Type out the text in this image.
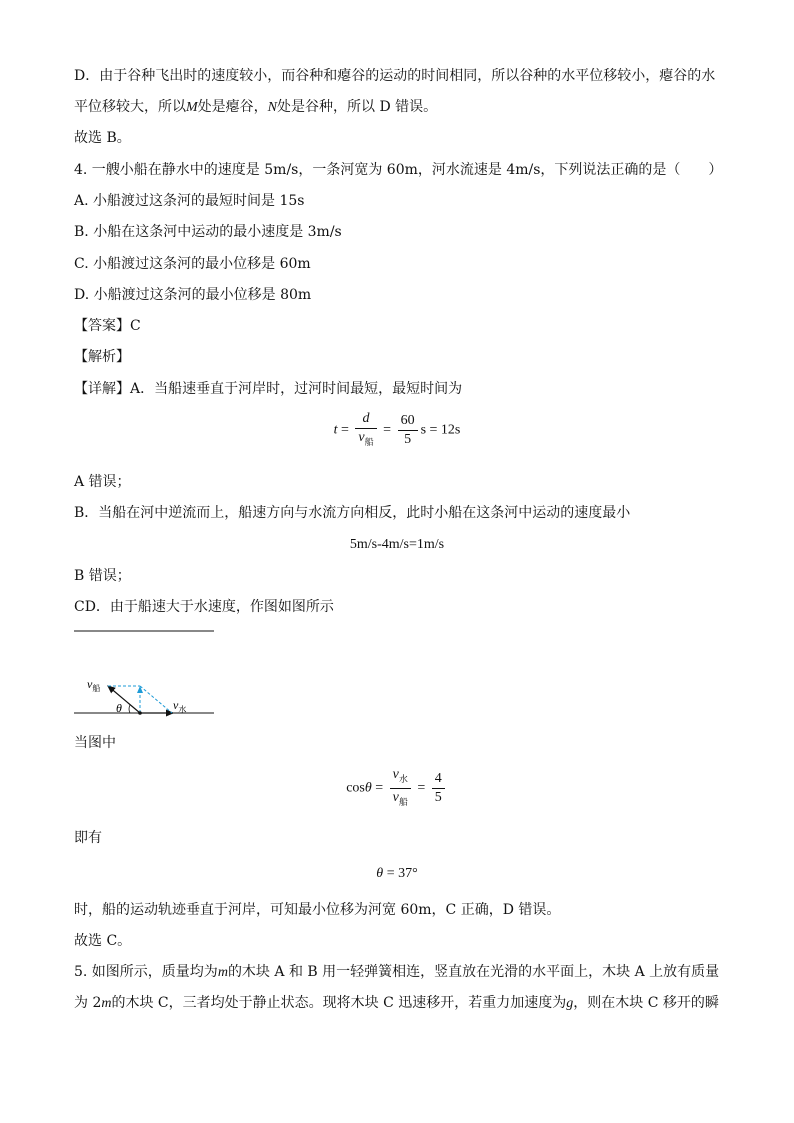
D．由于谷种飞出时的速度较小，而谷种和瘪谷的运动的时间相同，所以谷种的水平位移较小，瘪谷的水
平位移较大，所以M处是瘪谷，N处是谷种，所以 D 错误。
故选 B。
4. 一艘小船在静水中的速度是 5m/s，一条河宽为 60m，河水流速是 4m/s，下列说法正确的是（　　）
A. 小船渡过这条河的最短时间是 15s
B. 小船在这条河中运动的最小速度是 3m/s
C. 小船渡过这条河的最小位移是 60m
D. 小船渡过这条河的最小位移是 80m
【答案】C
【解析】
【详解】A．当船速垂直于河岸时，过河时间最短，最短时间为
$t = \frac{d}{v_船} = \frac{60}{5}$ s = 12s
A 错误；
B．当船在河中逆流而上，船速方向与水流方向相反，此时小船在这条河中运动的速度最小
5m/s-4m/s=1m/s
B 错误；
CD．由于船速大于水速度，作图如图所示
$v_船$
$v_水$
θ
当图中
$\cos\theta = \frac{v_水}{v_船} = \frac{4}{5}$
即有
θ = 37°
时，船的运动轨迹垂直于河岸，可知最小位移为河宽 60m，C 正确，D 错误。
故选 C。
5. 如图所示，质量均为m的木块 A 和 B 用一轻弹簧相连，竖直放在光滑的水平面上，木块 A 上放有质量
为 2m的木块 C，三者均处于静止状态。现将木块 C 迅速移开，若重力加速度为g，则在木块 C 移开的瞬
